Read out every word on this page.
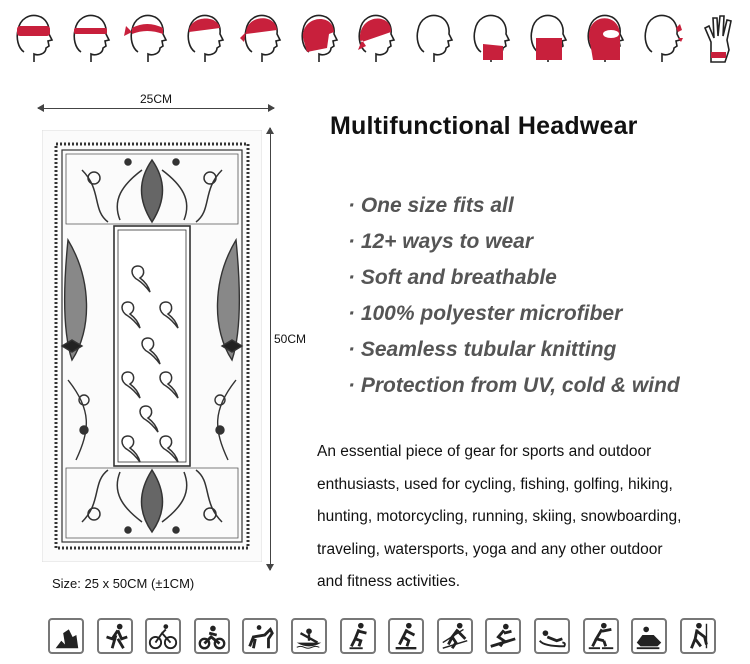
25CM
50CM
Size: 25 x 50CM (±1CM)
Multifunctional Headwear
· One size fits all
· 12+ ways to wear
· Soft and breathable
· 100% polyester microfiber
· Seamless tubular knitting
· Protection from UV, cold & wind
An essential piece of gear for sports and outdoor
enthusiasts, used for cycling, fishing, golfing, hiking,
hunting, motorcycling, running, skiing, snowboarding,
traveling, watersports, yoga and any other outdoor
and fitness activities.
